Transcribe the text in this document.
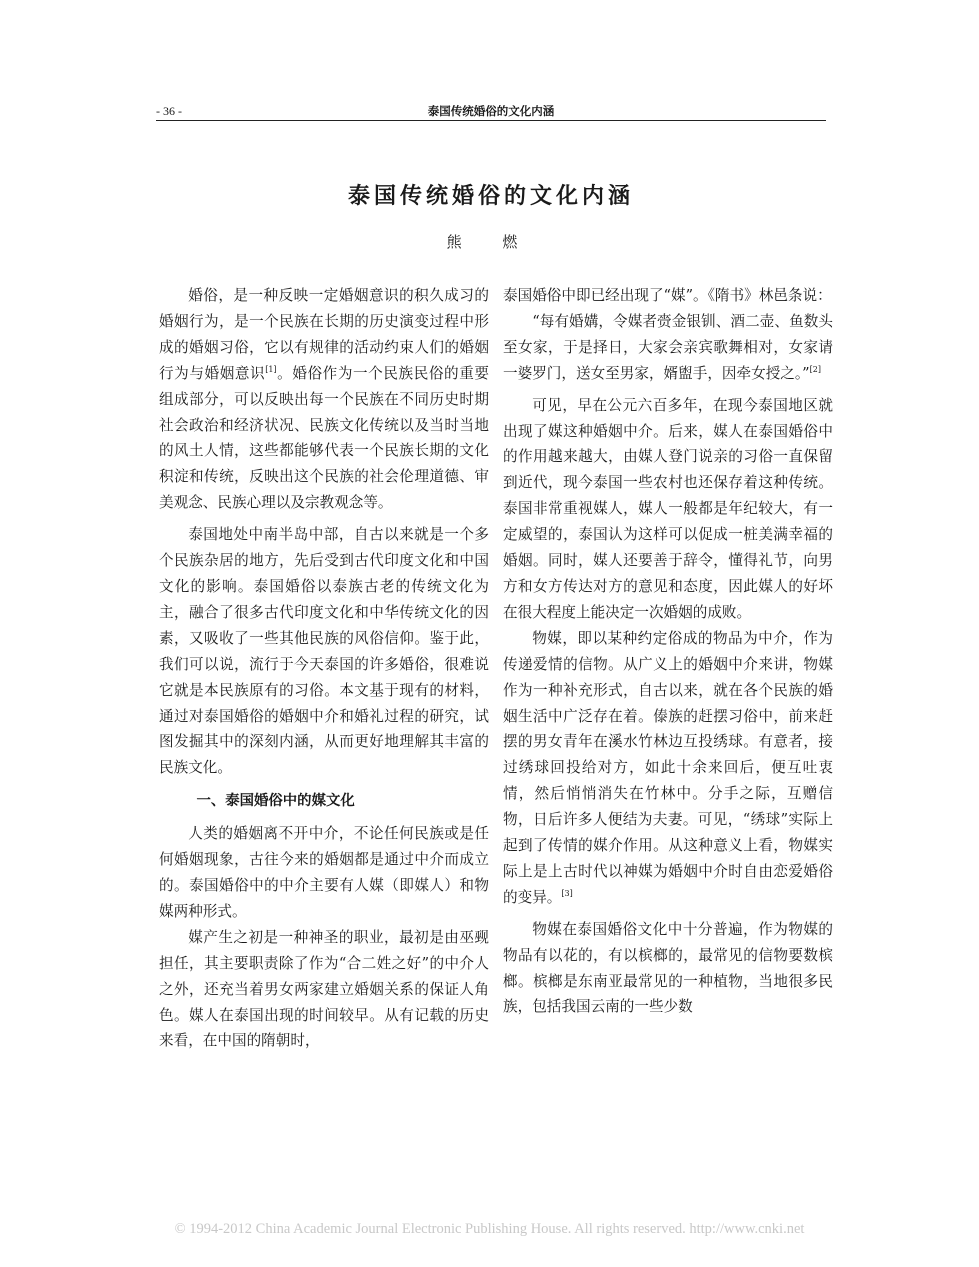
- 36 -	泰国传统婚俗的文化内涵
泰国传统婚俗的文化内涵
熊 燃

婚俗，是一种反映一定婚姻意识的积久成习的婚姻行为，是一个民族在长期的历史演变过程中形成的婚姻习俗，它以有规律的活动约束人们的婚姻行为与婚姻意识[1]。婚俗作为一个民族民俗的重要组成部分，可以反映出每一个民族在不同历史时期社会政治和经济状况、民族文化传统以及当时当地的风土人情，这些都能够代表一个民族长期的文化积淀和传统，反映出这个民族的社会伦理道德、审美观念、民族心理以及宗教观念等。

泰国地处中南半岛中部，自古以来就是一个多个民族杂居的地方，先后受到古代印度文化和中国文化的影响。泰国婚俗以泰族古老的传统文化为主，融合了很多古代印度文化和中华传统文化的因素，又吸收了一些其他民族的风俗信仰。鉴于此，我们可以说，流行于今天泰国的许多婚俗，很难说它就是本民族原有的习俗。本文基于现有的材料，通过对泰国婚俗的婚姻中介和婚礼过程的研究，试图发掘其中的深刻内涵，从而更好地理解其丰富的民族文化。

一、泰国婚俗中的媒文化

人类的婚姻离不开中介，不论任何民族或是任何婚姻现象，古往今来的婚姻都是通过中介而成立的。泰国婚俗中的中介主要有人媒（即媒人）和物媒两种形式。

媒产生之初是一种神圣的职业，最初是由巫觋担任，其主要职责除了作为“合二姓之好”的中介人之外，还充当着男女两家建立婚姻关系的保证人角色。媒人在泰国出现的时间较早。从有记载的历史来看，在中国的隋朝时，

泰国婚俗中即已经出现了“媒”。《隋书》林邑条说：

“每有婚媾，令媒者赍金银钏、酒二壶、鱼数头至女家，于是择日，大家会亲宾歌舞相对，女家请一婆罗门，送女至男家，婿盥手，因牵女授之。”[2]

可见，早在公元六百多年，在现今泰国地区就出现了媒这种婚姻中介。后来，媒人在泰国婚俗中的作用越来越大，由媒人登门说亲的习俗一直保留到近代，现今泰国一些农村也还保存着这种传统。泰国非常重视媒人，媒人一般都是年纪较大，有一定威望的，泰国认为这样可以促成一桩美满幸福的婚姻。同时，媒人还要善于辞令，懂得礼节，向男方和女方传达对方的意见和态度，因此媒人的好坏在很大程度上能决定一次婚姻的成败。

物媒，即以某种约定俗成的物品为中介，作为传递爱情的信物。从广义上的婚姻中介来讲，物媒作为一种补充形式，自古以来，就在各个民族的婚姻生活中广泛存在着。傣族的赶摆习俗中，前来赶摆的男女青年在溪水竹林边互投绣球。有意者，接过绣球回投给对方，如此十余来回后，便互吐衷情，然后悄悄消失在竹林中。分手之际，互赠信物，日后许多人便结为夫妻。可见，“绣球”实际上起到了传情的媒介作用。从这种意义上看，物媒实际上是上古时代以神媒为婚姻中介时自由恋爱婚俗的变异。[3]

物媒在泰国婚俗文化中十分普遍，作为物媒的物品有以花的，有以槟榔的，最常见的信物要数槟榔。槟榔是东南亚最常见的一种植物，当地很多民族，包括我国云南的一些少数

© 1994-2012 China Academic Journal Electronic Publishing House. All rights reserved. http://www.cnki.net
